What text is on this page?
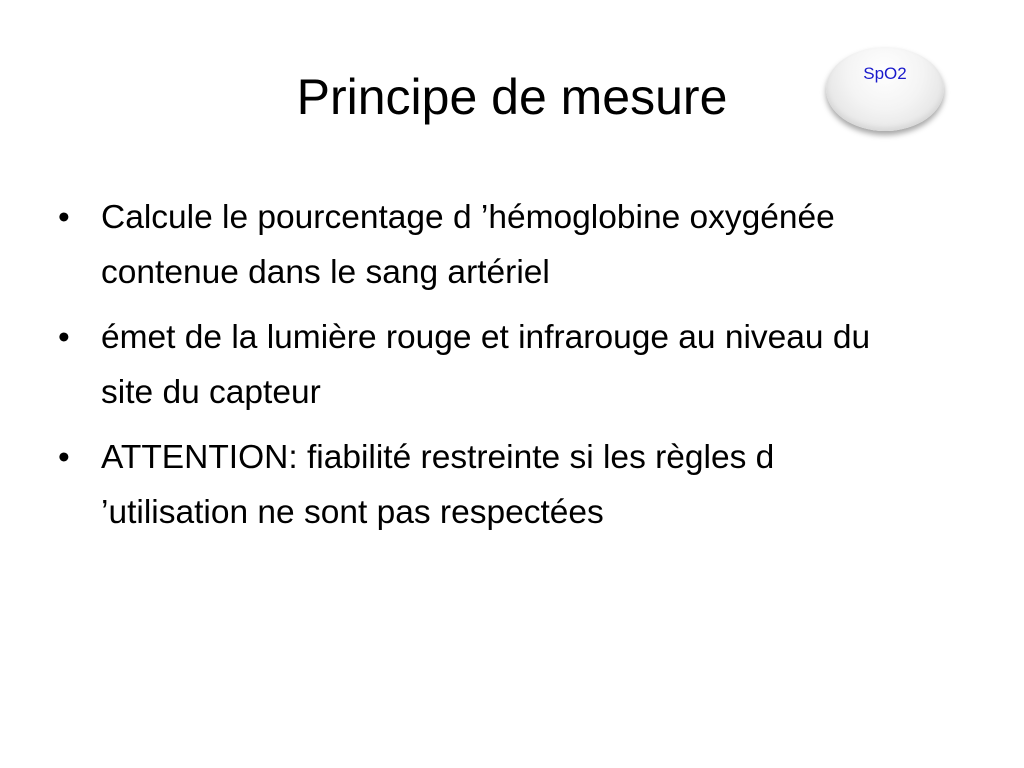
Principe de mesure	SpO2
• Calcule le pourcentage d ’hémoglobine oxygénée contenue dans le sang artériel
• émet de la lumière rouge et infrarouge au niveau du site du capteur
• ATTENTION: fiabilité restreinte si les règles d ’utilisation ne sont pas respectées
